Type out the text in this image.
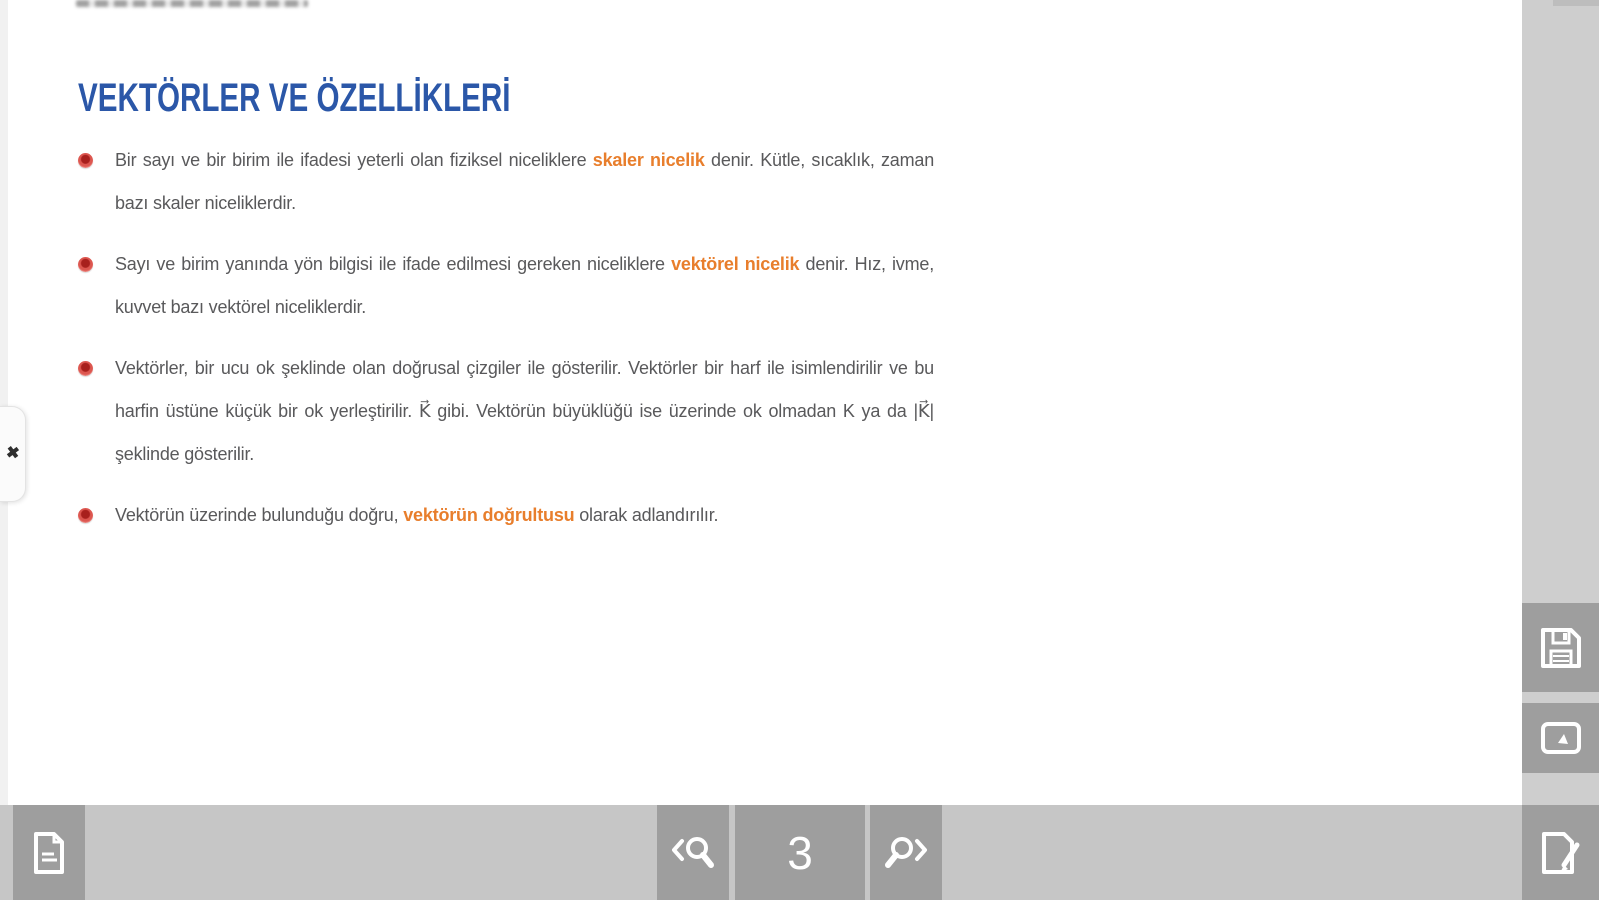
VEKTÖRLER VE ÖZELLİKLERİ

Bir sayı ve bir birim ile ifadesi yeterli olan fiziksel niceliklere skaler nicelik denir. Kütle, sıcaklık, zaman bazı skaler niceliklerdir.

Sayı ve birim yanında yön bilgisi ile ifade edilmesi gereken niceliklere vektörel nicelik denir. Hız, ivme, kuvvet bazı vektörel niceliklerdir.

Vektörler, bir ucu ok şeklinde olan doğrusal çizgiler ile gösterilir. Vektörler bir harf ile isimlendirilir ve bu harfin üstüne küçük bir ok yerleştirilir. K⃗ gibi. Vektörün büyüklüğü ise üzerinde ok olmadan K ya da |K⃗| şeklinde gösterilir.

Vektörün üzerinde bulunduğu doğru, vektörün doğrultusu olarak adlandırılır.

✖
3
